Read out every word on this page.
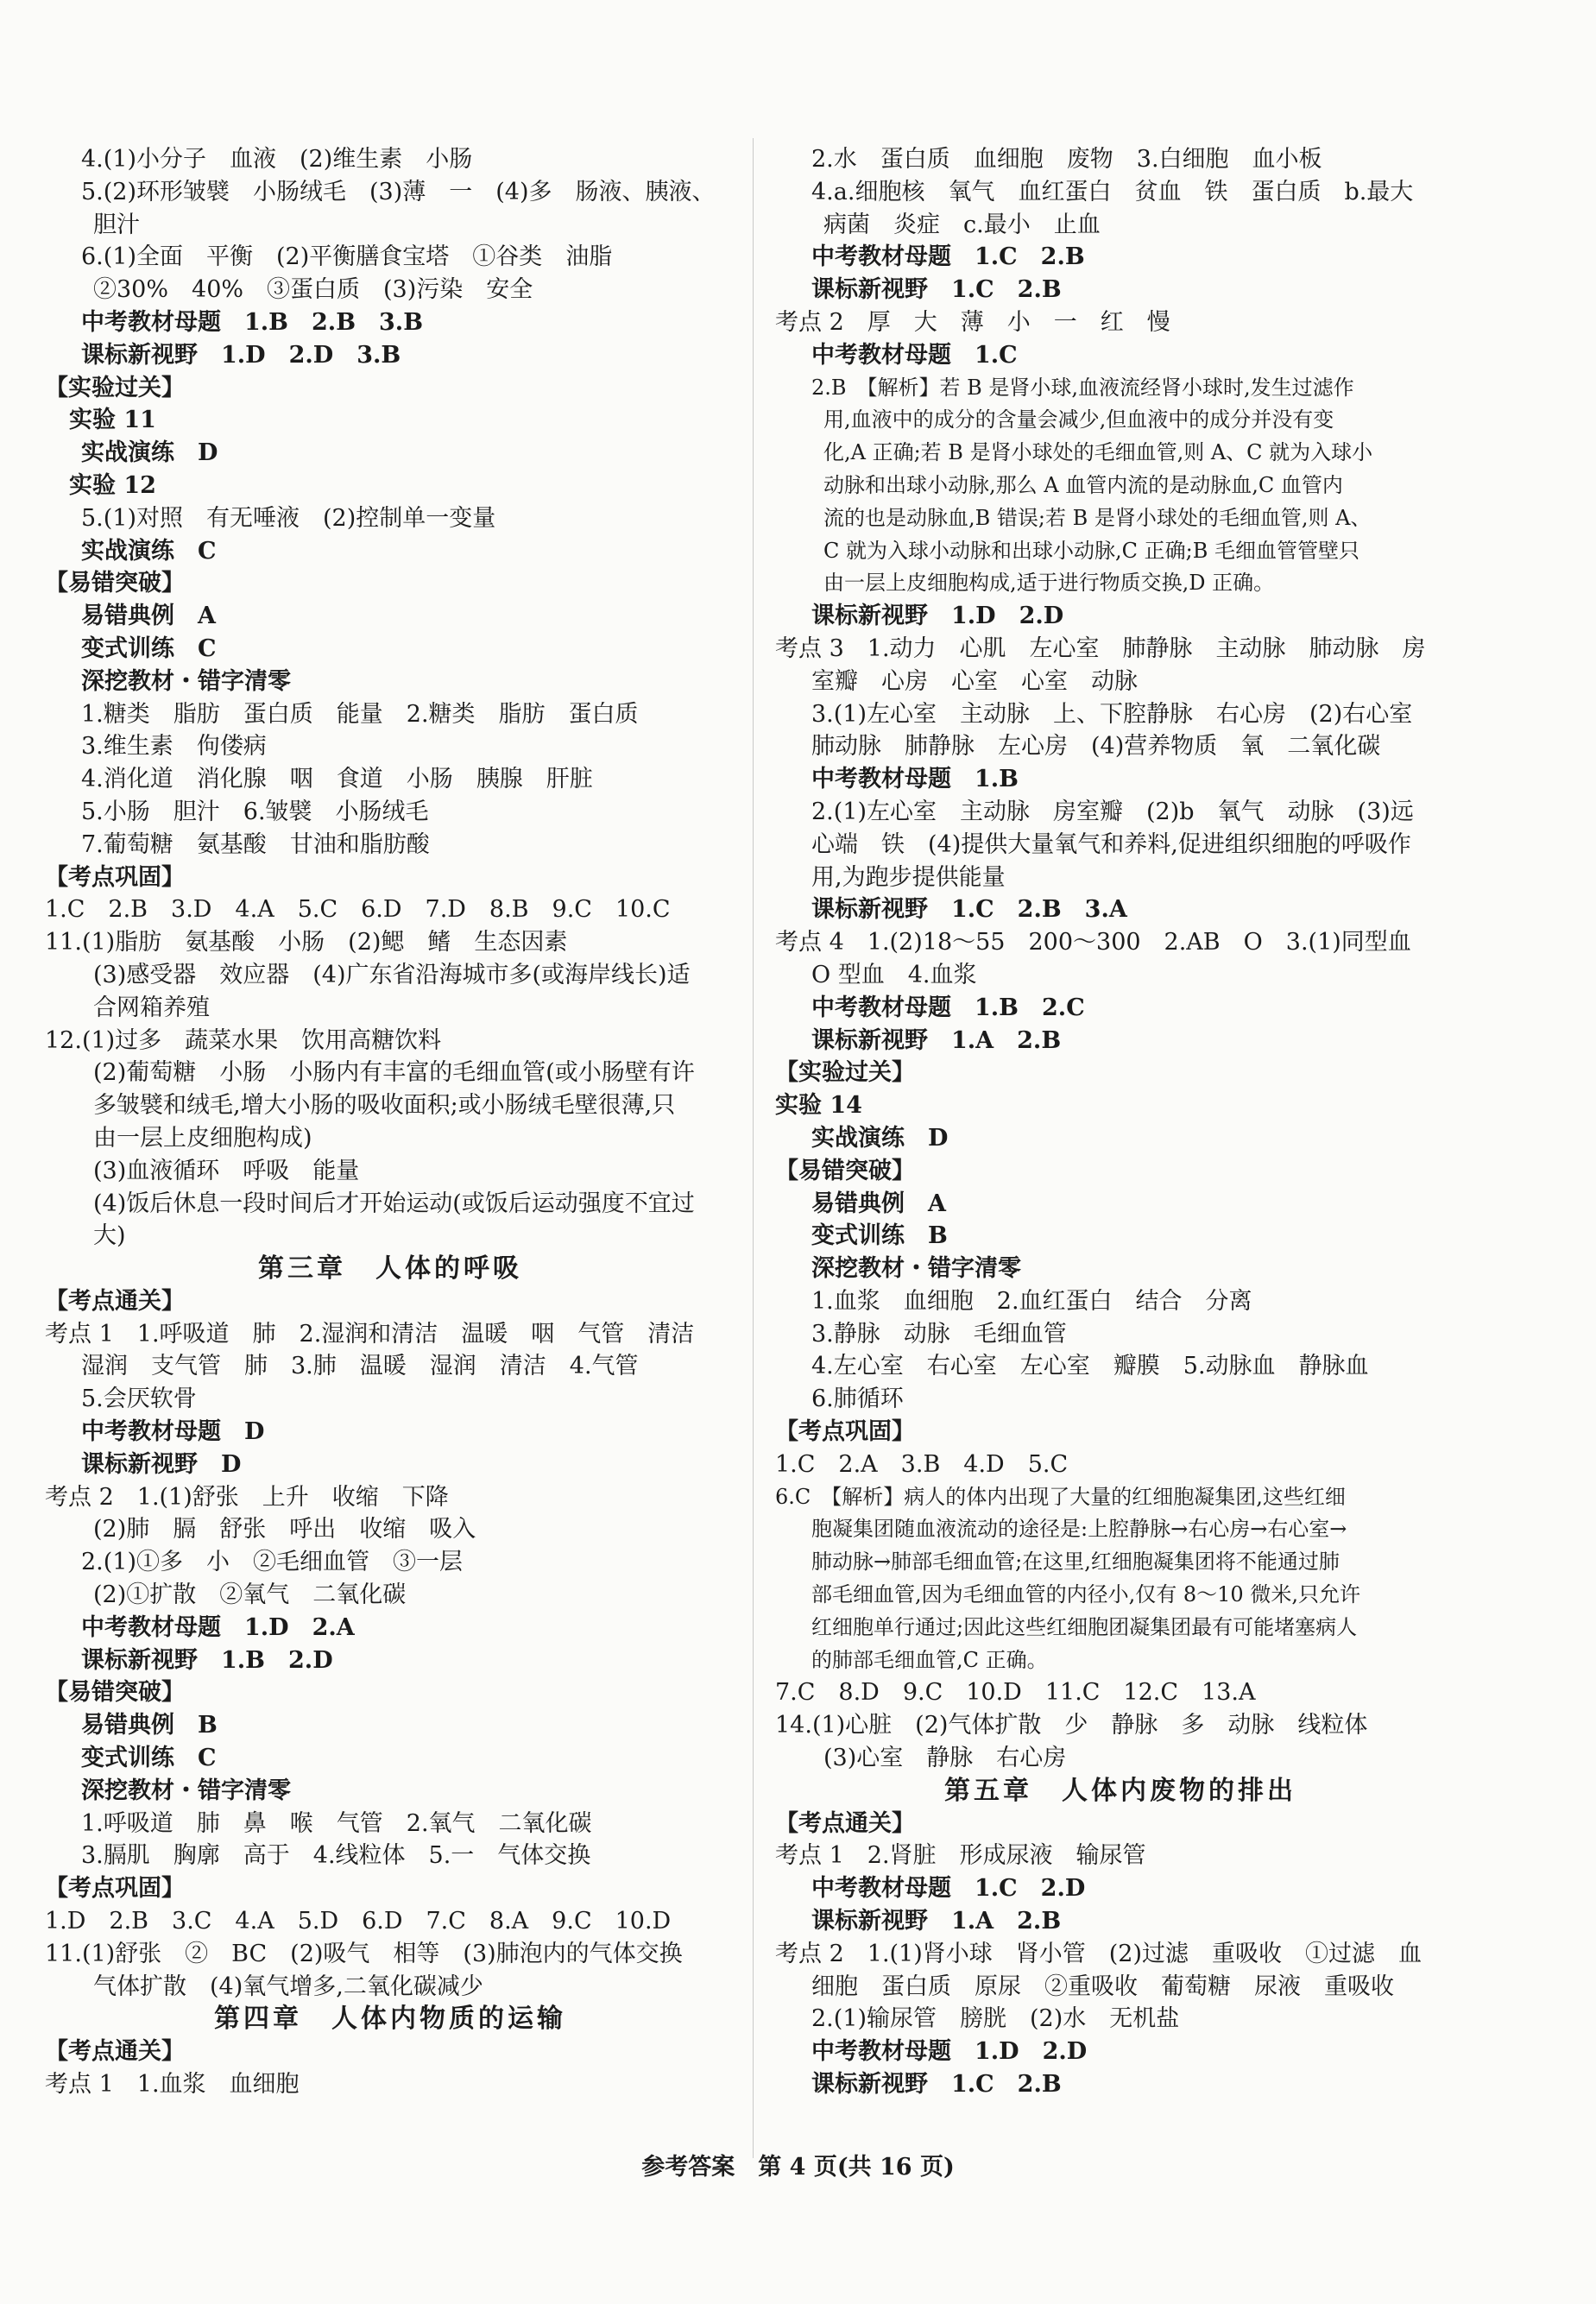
4.(1)小分子　血液　(2)维生素　小肠
5.(2)环形皱襞　小肠绒毛　(3)薄　一　(4)多　肠液、胰液、
胆汁
6.(1)全面　平衡　(2)平衡膳食宝塔　①谷类　油脂
②30%　40%　③蛋白质　(3)污染　安全
中考教材母题　1.B　2.B　3.B
课标新视野　1.D　2.D　3.B
【实验过关】
实验 11
实战演练　D
实验 12
5.(1)对照　有无唾液　(2)控制单一变量
实战演练　C
【易错突破】
易错典例　A
变式训练　C
深挖教材・错字清零
1.糖类　脂肪　蛋白质　能量　2.糖类　脂肪　蛋白质
3.维生素　佝偻病
4.消化道　消化腺　咽　食道　小肠　胰腺　肝脏
5.小肠　胆汁　6.皱襞　小肠绒毛
7.葡萄糖　氨基酸　甘油和脂肪酸
【考点巩固】
1.C　2.B　3.D　4.A　5.C　6.D　7.D　8.B　9.C　10.C
11.(1)脂肪　氨基酸　小肠　(2)鳃　鳍　生态因素
(3)感受器　效应器　(4)广东省沿海城市多(或海岸线长)适
合网箱养殖
12.(1)过多　蔬菜水果　饮用高糖饮料
(2)葡萄糖　小肠　小肠内有丰富的毛细血管(或小肠壁有许
多皱襞和绒毛,增大小肠的吸收面积;或小肠绒毛壁很薄,只
由一层上皮细胞构成)
(3)血液循环　呼吸　能量
(4)饭后休息一段时间后才开始运动(或饭后运动强度不宜过
大)
第三章　人体的呼吸
【考点通关】
考点 1　1.呼吸道　肺　2.湿润和清洁　温暖　咽　气管　清洁
湿润　支气管　肺　3.肺　温暖　湿润　清洁　4.气管
5.会厌软骨
中考教材母题　D
课标新视野　D
考点 2　1.(1)舒张　上升　收缩　下降
(2)肺　膈　舒张　呼出　收缩　吸入
2.(1)①多　小　②毛细血管　③一层
(2)①扩散　②氧气　二氧化碳
中考教材母题　1.D　2.A
课标新视野　1.B　2.D
【易错突破】
易错典例　B
变式训练　C
深挖教材・错字清零
1.呼吸道　肺　鼻　喉　气管　2.氧气　二氧化碳
3.膈肌　胸廓　高于　4.线粒体　5.一　气体交换
【考点巩固】
1.D　2.B　3.C　4.A　5.D　6.D　7.C　8.A　9.C　10.D
11.(1)舒张　②　BC　(2)吸气　相等　(3)肺泡内的气体交换
气体扩散　(4)氧气增多,二氧化碳减少
第四章　人体内物质的运输
【考点通关】
考点 1　1.血浆　血细胞
2.水　蛋白质　血细胞　废物　3.白细胞　血小板
4.a.细胞核　氧气　血红蛋白　贫血　铁　蛋白质　b.最大
病菌　炎症　c.最小　止血
中考教材母题　1.C　2.B
课标新视野　1.C　2.B
考点 2　厚　大　薄　小　一　红　慢
中考教材母题　1.C
2.B　【解析】若 B 是肾小球,血液流经肾小球时,发生过滤作
用,血液中的成分的含量会减少,但血液中的成分并没有变
化,A 正确;若 B 是肾小球处的毛细血管,则 A、C 就为入球小
动脉和出球小动脉,那么 A 血管内流的是动脉血,C 血管内
流的也是动脉血,B 错误;若 B 是肾小球处的毛细血管,则 A、
C 就为入球小动脉和出球小动脉,C 正确;B 毛细血管管壁只
由一层上皮细胞构成,适于进行物质交换,D 正确。
课标新视野　1.D　2.D
考点 3　1.动力　心肌　左心室　肺静脉　主动脉　肺动脉　房
室瓣　心房　心室　心室　动脉
3.(1)左心室　主动脉　上、下腔静脉　右心房　(2)右心室
肺动脉　肺静脉　左心房　(4)营养物质　氧　二氧化碳
中考教材母题　1.B
2.(1)左心室　主动脉　房室瓣　(2)b　氧气　动脉　(3)远
心端　铁　(4)提供大量氧气和养料,促进组织细胞的呼吸作
用,为跑步提供能量
课标新视野　1.C　2.B　3.A
考点 4　1.(2)18～55　200～300　2.AB　O　3.(1)同型血
O 型血　4.血浆
中考教材母题　1.B　2.C
课标新视野　1.A　2.B
【实验过关】
实验 14
实战演练　D
【易错突破】
易错典例　A
变式训练　B
深挖教材・错字清零
1.血浆　血细胞　2.血红蛋白　结合　分离
3.静脉　动脉　毛细血管
4.左心室　右心室　左心室　瓣膜　5.动脉血　静脉血
6.肺循环
【考点巩固】
1.C　2.A　3.B　4.D　5.C
6.C　【解析】病人的体内出现了大量的红细胞凝集团,这些红细
胞凝集团随血液流动的途径是:上腔静脉→右心房→右心室→
肺动脉→肺部毛细血管;在这里,红细胞凝集团将不能通过肺
部毛细血管,因为毛细血管的内径小,仅有 8～10 微米,只允许
红细胞单行通过;因此这些红细胞团凝集团最有可能堵塞病人
的肺部毛细血管,C 正确。
7.C　8.D　9.C　10.D　11.C　12.C　13.A
14.(1)心脏　(2)气体扩散　少　静脉　多　动脉　线粒体
(3)心室　静脉　右心房
第五章　人体内废物的排出
【考点通关】
考点 1　2.肾脏　形成尿液　输尿管
中考教材母题　1.C　2.D
课标新视野　1.A　2.B
考点 2　1.(1)肾小球　肾小管　(2)过滤　重吸收　①过滤　血
细胞　蛋白质　原尿　②重吸收　葡萄糖　尿液　重吸收
2.(1)输尿管　膀胱　(2)水　无机盐
中考教材母题　1.D　2.D
课标新视野　1.C　2.B
参考答案　第 4 页(共 16 页)
